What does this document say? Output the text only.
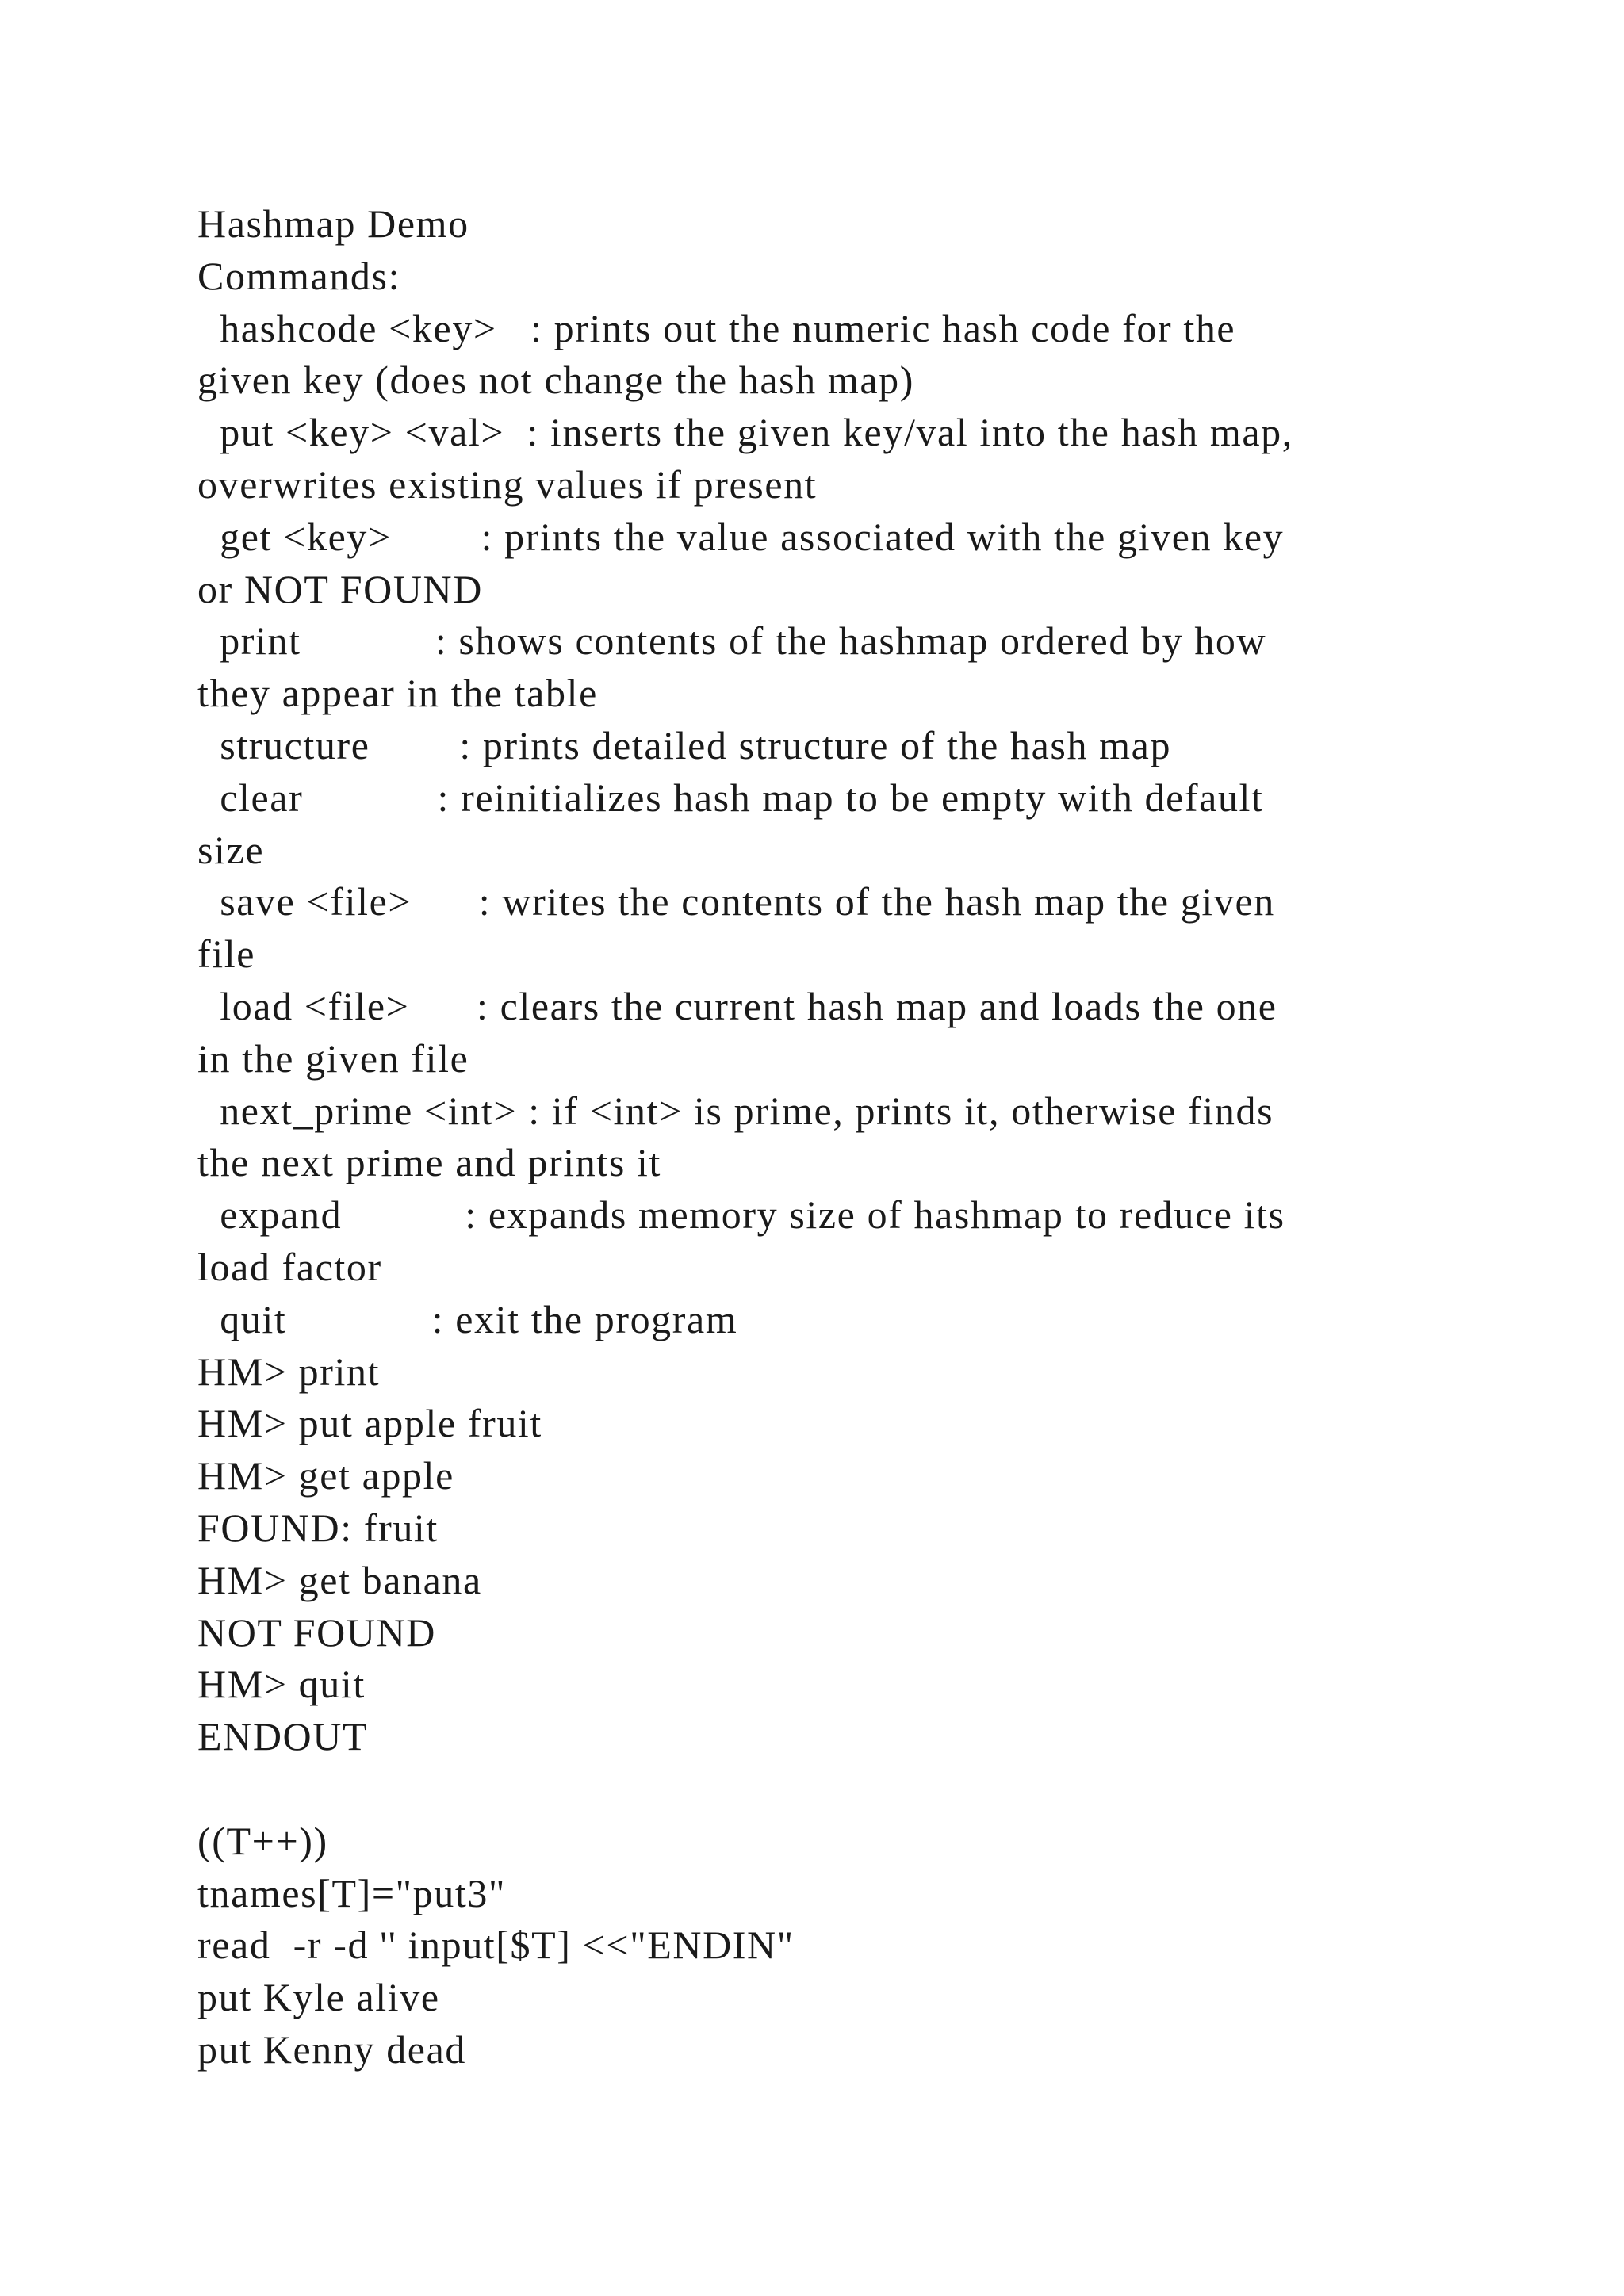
Hashmap Demo
Commands:
hashcode <key>   : prints out the numeric hash code for the
given key (does not change the hash map)
put <key> <val>  : inserts the given key/val into the hash map,
overwrites existing values if present
get <key>        : prints the value associated with the given key
or NOT FOUND
print            : shows contents of the hashmap ordered by how
they appear in the table
structure        : prints detailed structure of the hash map
clear            : reinitializes hash map to be empty with default
size
save <file>      : writes the contents of the hash map the given
file
load <file>      : clears the current hash map and loads the one
in the given file
next_prime <int> : if <int> is prime, prints it, otherwise finds
the next prime and prints it
expand           : expands memory size of hashmap to reduce its
load factor
quit             : exit the program
HM> print
HM> put apple fruit
HM> get apple
FOUND: fruit
HM> get banana
NOT FOUND
HM> quit
ENDOUT
((T++))
tnames[T]="put3"
read  -r -d '' input[$T] <<"ENDIN"
put Kyle alive
put Kenny dead
